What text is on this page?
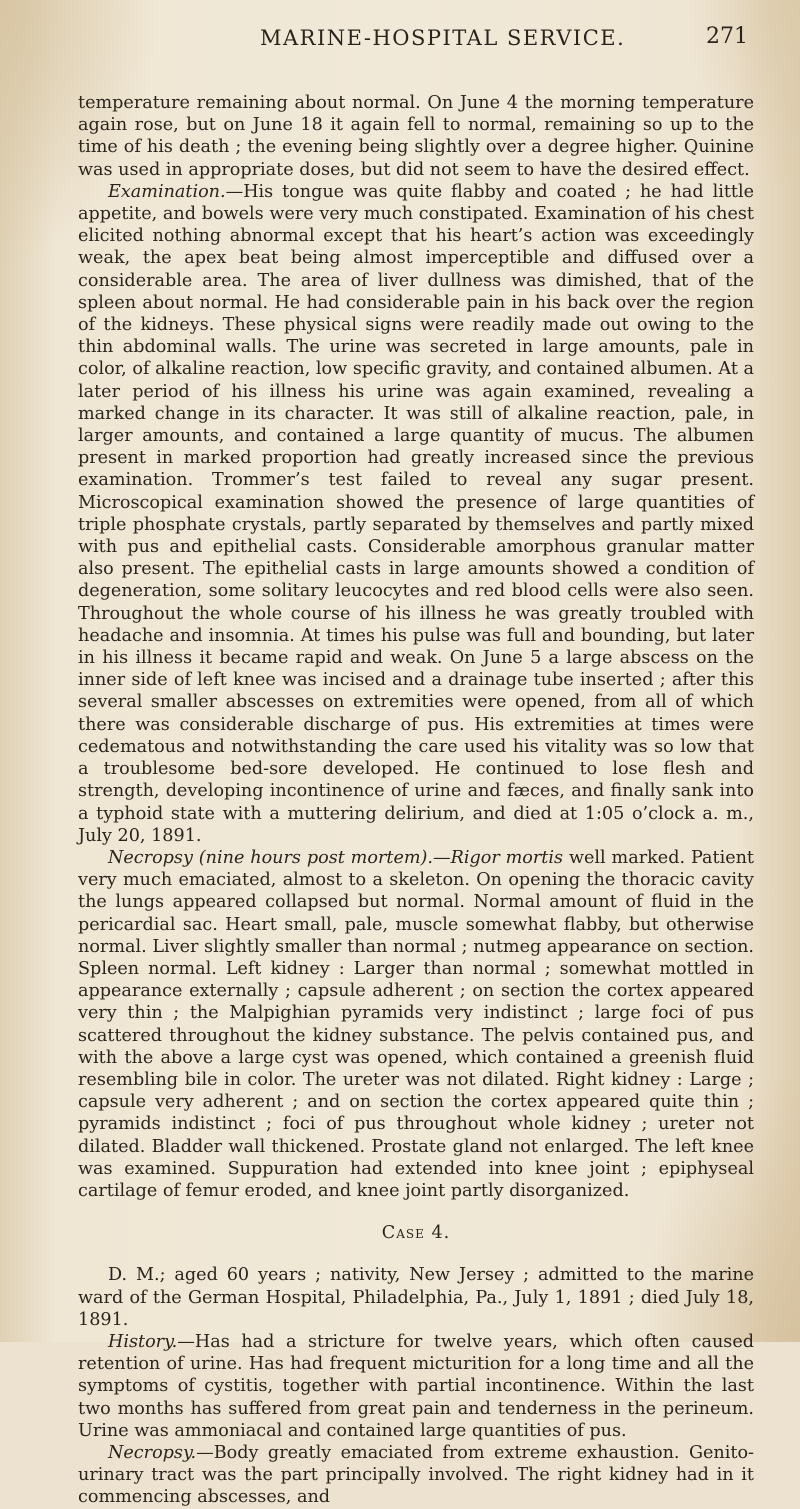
MARINE-HOSPITAL SERVICE.	271

temperature remaining about normal. On June 4 the morning temperature again rose, but on June 18 it again fell to normal, remaining so up to the time of his death ; the evening being slightly over a degree higher. Quinine was used in appropriate doses, but did not seem to have the desired effect.

Examination.—His tongue was quite flabby and coated ; he had little appetite, and bowels were very much constipated. Examination of his chest elicited nothing abnormal except that his heart’s action was exceedingly weak, the apex beat being almost imperceptible and diffused over a considerable area. The area of liver dullness was dimished, that of the spleen about normal. He had considerable pain in his back over the region of the kidneys. These physical signs were readily made out owing to the thin abdominal walls. The urine was secreted in large amounts, pale in color, of alkaline reaction, low specific gravity, and contained albumen. At a later period of his illness his urine was again examined, revealing a marked change in its character. It was still of alkaline reaction, pale, in larger amounts, and contained a large quantity of mucus. The albumen present in marked proportion had greatly increased since the previous examination. Trommer’s test failed to reveal any sugar present. Microscopical examination showed the presence of large quantities of triple phosphate crystals, partly separated by themselves and partly mixed with pus and epithelial casts. Considerable amorphous granular matter also present. The epithelial casts in large amounts showed a condition of degeneration, some solitary leucocytes and red blood cells were also seen. Throughout the whole course of his illness he was greatly troubled with headache and insomnia. At times his pulse was full and bounding, but later in his illness it became rapid and weak. On June 5 a large abscess on the inner side of left knee was incised and a drainage tube inserted ; after this several smaller abscesses on extremities were opened, from all of which there was considerable discharge of pus. His extremities at times were cedematous and notwithstanding the care used his vitality was so low that a troublesome bed-sore developed. He continued to lose flesh and strength, developing incontinence of urine and fæces, and finally sank into a typhoid state with a muttering delirium, and died at 1:05 o’clock a. m., July 20, 1891.

Necropsy (nine hours post mortem).—Rigor mortis well marked. Patient very much emaciated, almost to a skeleton. On opening the thoracic cavity the lungs appeared collapsed but normal. Normal amount of fluid in the pericardial sac. Heart small, pale, muscle somewhat flabby, but otherwise normal. Liver slightly smaller than normal ; nutmeg appearance on section. Spleen normal. Left kidney : Larger than normal ; somewhat mottled in appearance externally ; capsule adherent ; on section the cortex appeared very thin ; the Malpighian pyramids very indistinct ; large foci of pus scattered throughout the kidney substance. The pelvis contained pus, and with the above a large cyst was opened, which contained a greenish fluid resembling bile in color. The ureter was not dilated. Right kidney : Large ; capsule very adherent ; and on section the cortex appeared quite thin ; pyramids indistinct ; foci of pus throughout whole kidney ; ureter not dilated. Bladder wall thickened. Prostate gland not enlarged. The left knee was examined. Suppuration had extended into knee joint ; epiphyseal cartilage of femur eroded, and knee joint partly disorganized.

Case 4.

D. M.; aged 60 years ; nativity, New Jersey ; admitted to the marine ward of the German Hospital, Philadelphia, Pa., July 1, 1891 ; died July 18, 1891.

History.—Has had a stricture for twelve years, which often caused retention of urine. Has had frequent micturition for a long time and all the symptoms of cystitis, together with partial incontinence. Within the last two months has suffered from great pain and tenderness in the perineum. Urine was ammoniacal and contained large quantities of pus.

Necropsy.—Body greatly emaciated from extreme exhaustion. Genito-urinary tract was the part principally involved. The right kidney had in it commencing abscesses, and
